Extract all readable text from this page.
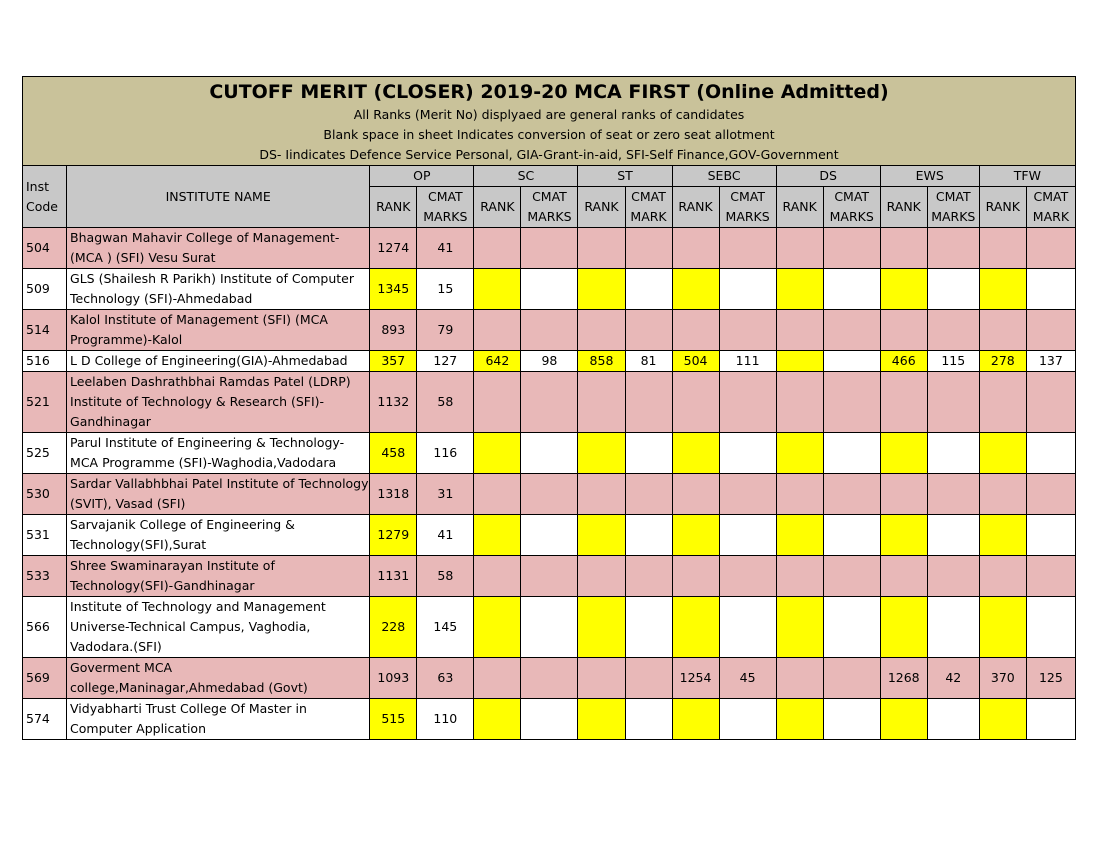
CUTOFF MERIT (CLOSER) 2019-20 MCA FIRST (Online Admitted)
All Ranks (Merit No) displyaed are general ranks of candidates
Blank space in sheet Indicates conversion of seat or zero seat allotment
DS- Iindicates Defence Service Personal, GIA-Grant-in-aid, SFI-Self Finance,GOV-Government
Inst Code	INSTITUTE NAME	OP		SC		ST		SEBC		DS		EWS		TFW	
		RANK	CMAT MARKS	RANK	CMAT MARKS	RANK	CMAT MARK	RANK	CMAT MARKS	RANK	CMAT MARKS	RANK	CMAT MARKS	RANK	CMAT MARK
504	Bhagwan Mahavir College of Management-(MCA ) (SFI) Vesu Surat	1274	41												
509	GLS (Shailesh R Parikh) Institute of Computer Technology (SFI)-Ahmedabad	1345	15												
514	Kalol Institute of Management (SFI) (MCA Programme)-Kalol	893	79												
516	L D College of Engineering(GIA)-Ahmedabad	357	127	642	98	858	81	504	111			466	115	278	137
521	Leelaben Dashrathbhai Ramdas Patel (LDRP) Institute of Technology & Research (SFI)-Gandhinagar	1132	58												
525	Parul Institute of Engineering & Technology-MCA Programme (SFI)-Waghodia,Vadodara	458	116												
530	Sardar Vallabhbhai Patel Institute of Technology (SVIT), Vasad (SFI)	1318	31												
531	Sarvajanik College of Engineering & Technology(SFI),Surat	1279	41												
533	Shree Swaminarayan Institute of Technology(SFI)-Gandhinagar	1131	58												
566	Institute of Technology and Management Universe-Technical Campus, Vaghodia, Vadodara.(SFI)	228	145												
569	Goverment MCA college,Maninagar,Ahmedabad (Govt)	1093	63					1254	45			1268	42	370	125
574	Vidyabharti Trust College Of Master in Computer Application	515	110												
